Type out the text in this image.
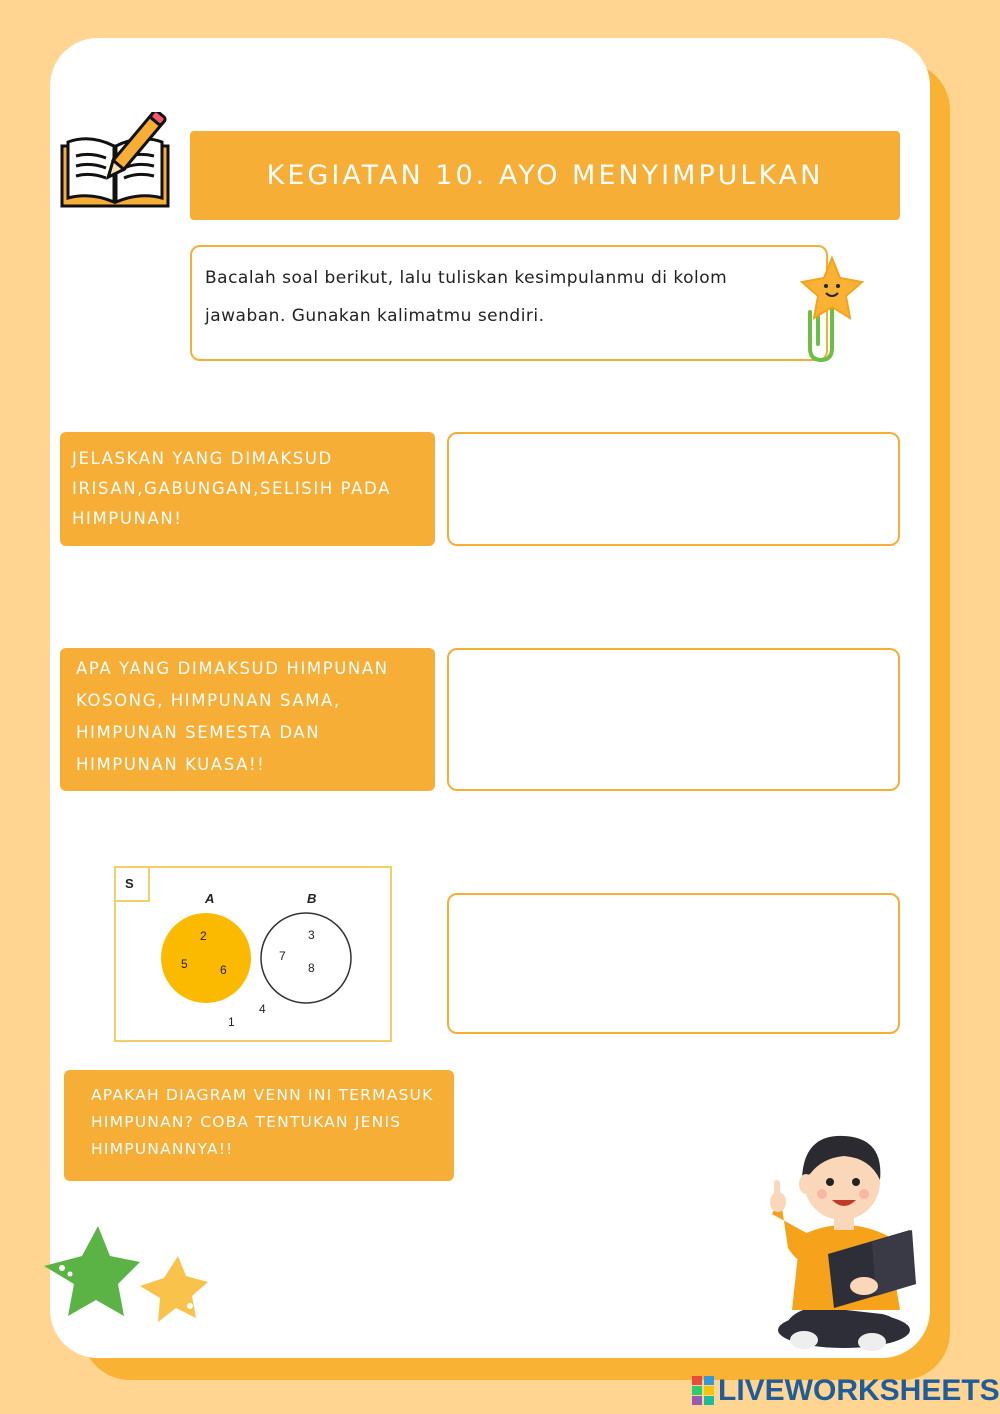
KEGIATAN 10. AYO MENYIMPULKAN
Bacalah soal berikut, lalu tuliskan kesimpulanmu di kolom jawaban. Gunakan kalimatmu sendiri.
JELASKAN YANG DIMAKSUD IRISAN,GABUNGAN,SELISIH PADA HIMPUNAN!
APA YANG DIMAKSUD HIMPUNAN KOSONG, HIMPUNAN SAMA, HIMPUNAN SEMESTA DAN HIMPUNAN KUASA!!
S
A	B
2
5	6
7
3
8
1
4
APAKAH DIAGRAM VENN INI TERMASUK HIMPUNAN? COBA TENTUKAN JENIS HIMPUNANNYA!!
LIVEWORKSHEETS
